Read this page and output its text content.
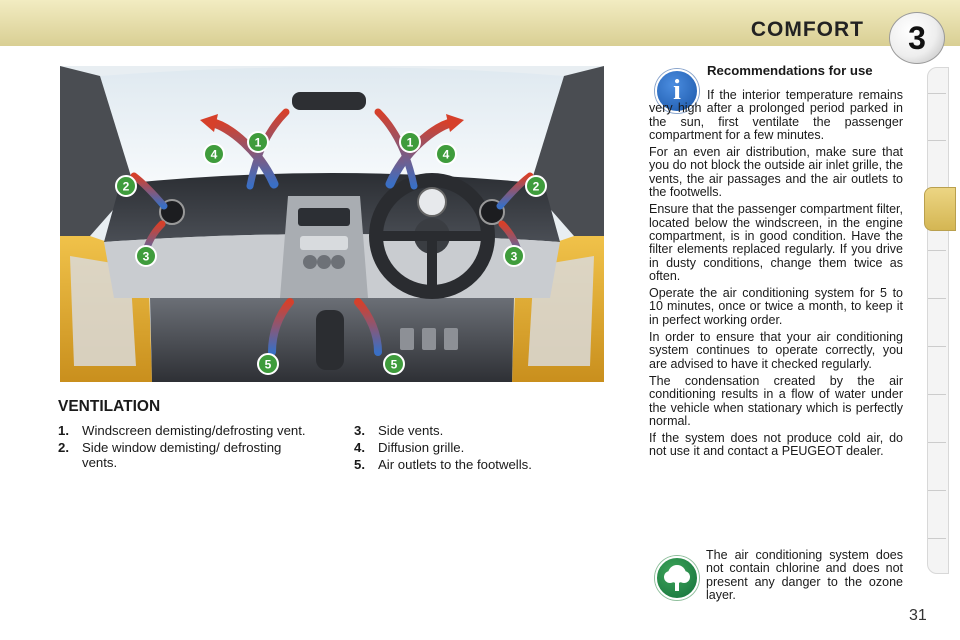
COMFORT	3
1	1
2	2
3	3
4	4
5	5
VENTILATION
1. Windscreen demisting/defrosting vent.
2. Side window demisting/ defrosting vents.
3. Side vents.
4. Diffusion grille.
5. Air outlets to the footwells.
i
Recommendations for use

If the interior temperature remains very high after a prolonged period parked in the sun, first ventilate the passenger compartment for a few minutes.

For an even air distribution, make sure that you do not block the outside air inlet grille, the vents, the air passages and the air outlets to the footwells.

Ensure that the passenger compartment filter, located below the windscreen, in the engine compartment, is in good condition. Have the filter elements replaced regularly. If you drive in dusty conditions, change them twice as often.

Operate the air conditioning system for 5 to 10 minutes, once or twice a month, to keep it in perfect working order.

In order to ensure that your air conditioning system continues to operate correctly, you are advised to have it checked regularly.

The condensation created by the air conditioning results in a flow of water under the vehicle when stationary which is perfectly normal.

If the system does not produce cold air, do not use it and contact a PEUGEOT dealer.

The air conditioning system does not contain chlorine and does not present any danger to the ozone layer.
31
